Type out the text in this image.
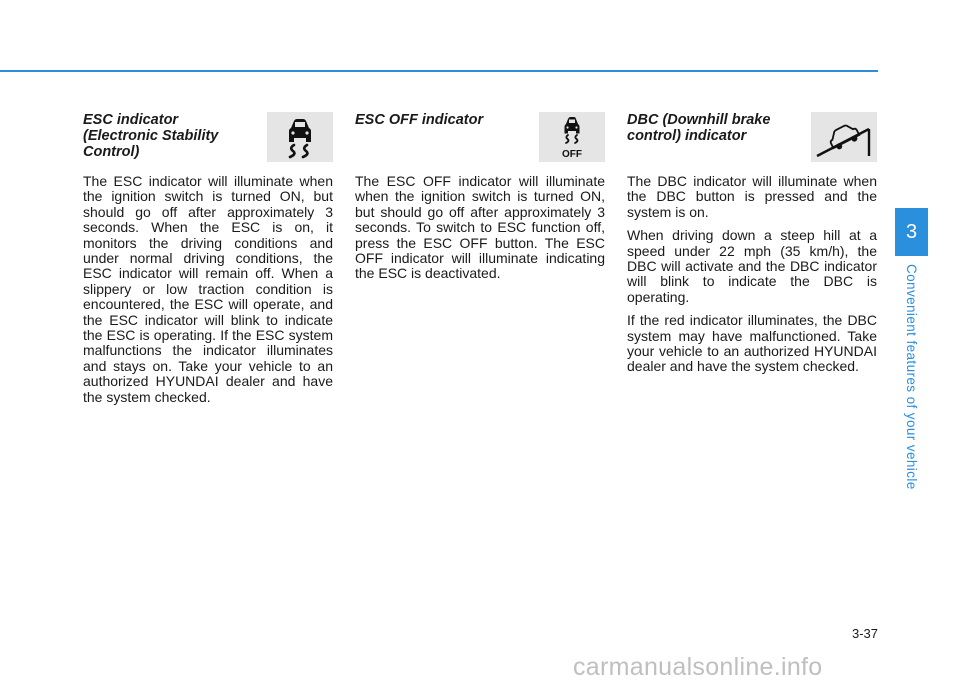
ESC indicator (Electronic Stability Control)

The ESC indicator will illuminate when the ignition switch is turned ON, but should go off after approximately 3 seconds. When the ESC is on, it monitors the driving conditions and under normal driving conditions, the ESC indicator will remain off. When a slippery or low traction condition is encountered, the ESC will operate, and the ESC indicator will blink to indicate the ESC is operating. If the ESC system malfunctions the indicator illuminates and stays on. Take your vehicle to an authorized HYUNDAI dealer and have the system checked.

ESC OFF indicator
OFF

The ESC OFF indicator will illuminate when the ignition switch is turned ON, but should go off after approximately 3 seconds. To switch to ESC function off, press the ESC OFF button. The ESC OFF indicator will illuminate indicating the ESC is deactivated.

DBC (Downhill brake control) indicator

The DBC indicator will illuminate when the DBC button is pressed and the system is on.

When driving down a steep hill at a speed under 22 mph (35 km/h), the DBC will activate and the DBC indicator will blink to indicate the DBC is operating.

If the red indicator illuminates, the DBC system may have malfunctioned. Take your vehicle to an authorized HYUNDAI dealer and have the system checked.

3
Convenient features of your vehicle
3-37
carmanualsonline.info
